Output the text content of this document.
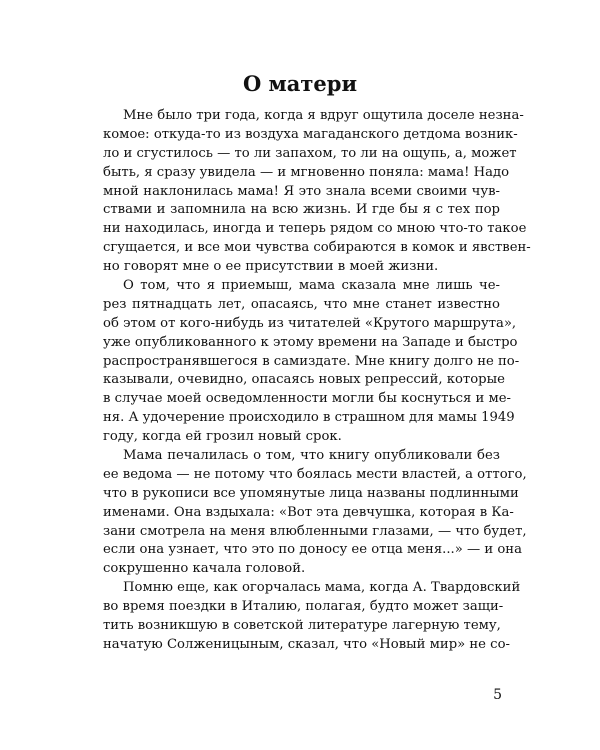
О матери
Мне было три года, когда я вдруг ощутила доселе незна-
комое: откуда-то из воздуха магаданского детдома возник-
ло и сгустилось — то ли запахом, то ли на ощупь, а, может
быть, я сразу увидела — и мгновенно поняла: мама! Надо
мной наклонилась мама! Я это знала всеми своими чув-
ствами и запомнила на всю жизнь. И где бы я с тех пор
ни находилась, иногда и теперь рядом со мною что-то такое
сгущается, и все мои чувства собираются в комок и явствен-
но говорят мне о ее присутствии в моей жизни.
О том, что я приемыш, мама сказала мне лишь че-
рез пятнадцать лет, опасаясь, что мне станет известно
об этом от кого-нибудь из читателей «Крутого маршрута»,
уже опубликованного к этому времени на Западе и быстро
распространявшегося в самиздате. Мне книгу долго не по-
казывали, очевидно, опасаясь новых репрессий, которые
в случае моей осведомленности могли бы коснуться и ме-
ня. А удочерение происходило в страшном для мамы 1949
году, когда ей грозил новый срок.
Мама печалилась о том, что книгу опубликовали без
ее ведома — не потому что боялась мести властей, а оттого,
что в рукописи все упомянутые лица названы подлинными
именами. Она вздыхала: «Вот эта девчушка, которая в Ка-
зани смотрела на меня влюбленными глазами, — что будет,
если она узнает, что это по доносу ее отца меня...» — и она
сокрушенно качала головой.
Помню еще, как огорчалась мама, когда А. Твардовский
во время поездки в Италию, полагая, будто может защи-
тить возникшую в советской литературе лагерную тему,
начатую Солженицыным, сказал, что «Новый мир» не со-
5
